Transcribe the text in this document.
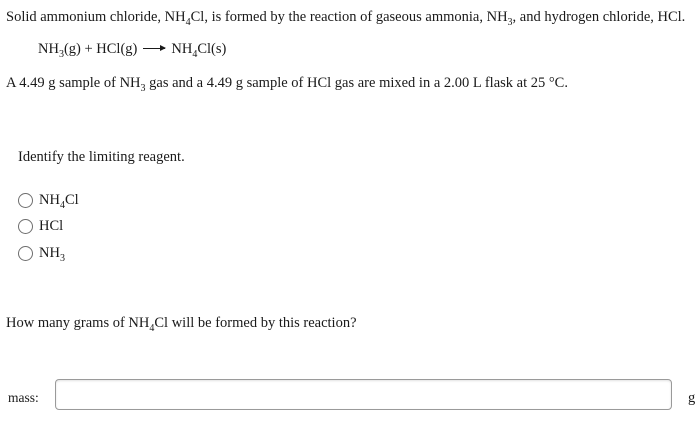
Solid ammonium chloride, $NH_4Cl$, is formed by the reaction of gaseous ammonia, $NH_3$, and hydrogen chloride, HCl.
$NH_3(g) + HCl(g) \to NH_4Cl(s)$
A 4.49 g sample of $NH_3$ gas and a 4.49 g sample of HCl gas are mixed in a 2.00 L flask at 25 °C.
Identify the limiting reagent.
$NH_4Cl$
HCl
$NH_3$
How many grams of $NH_4Cl$ will be formed by this reaction?
mass:	g
